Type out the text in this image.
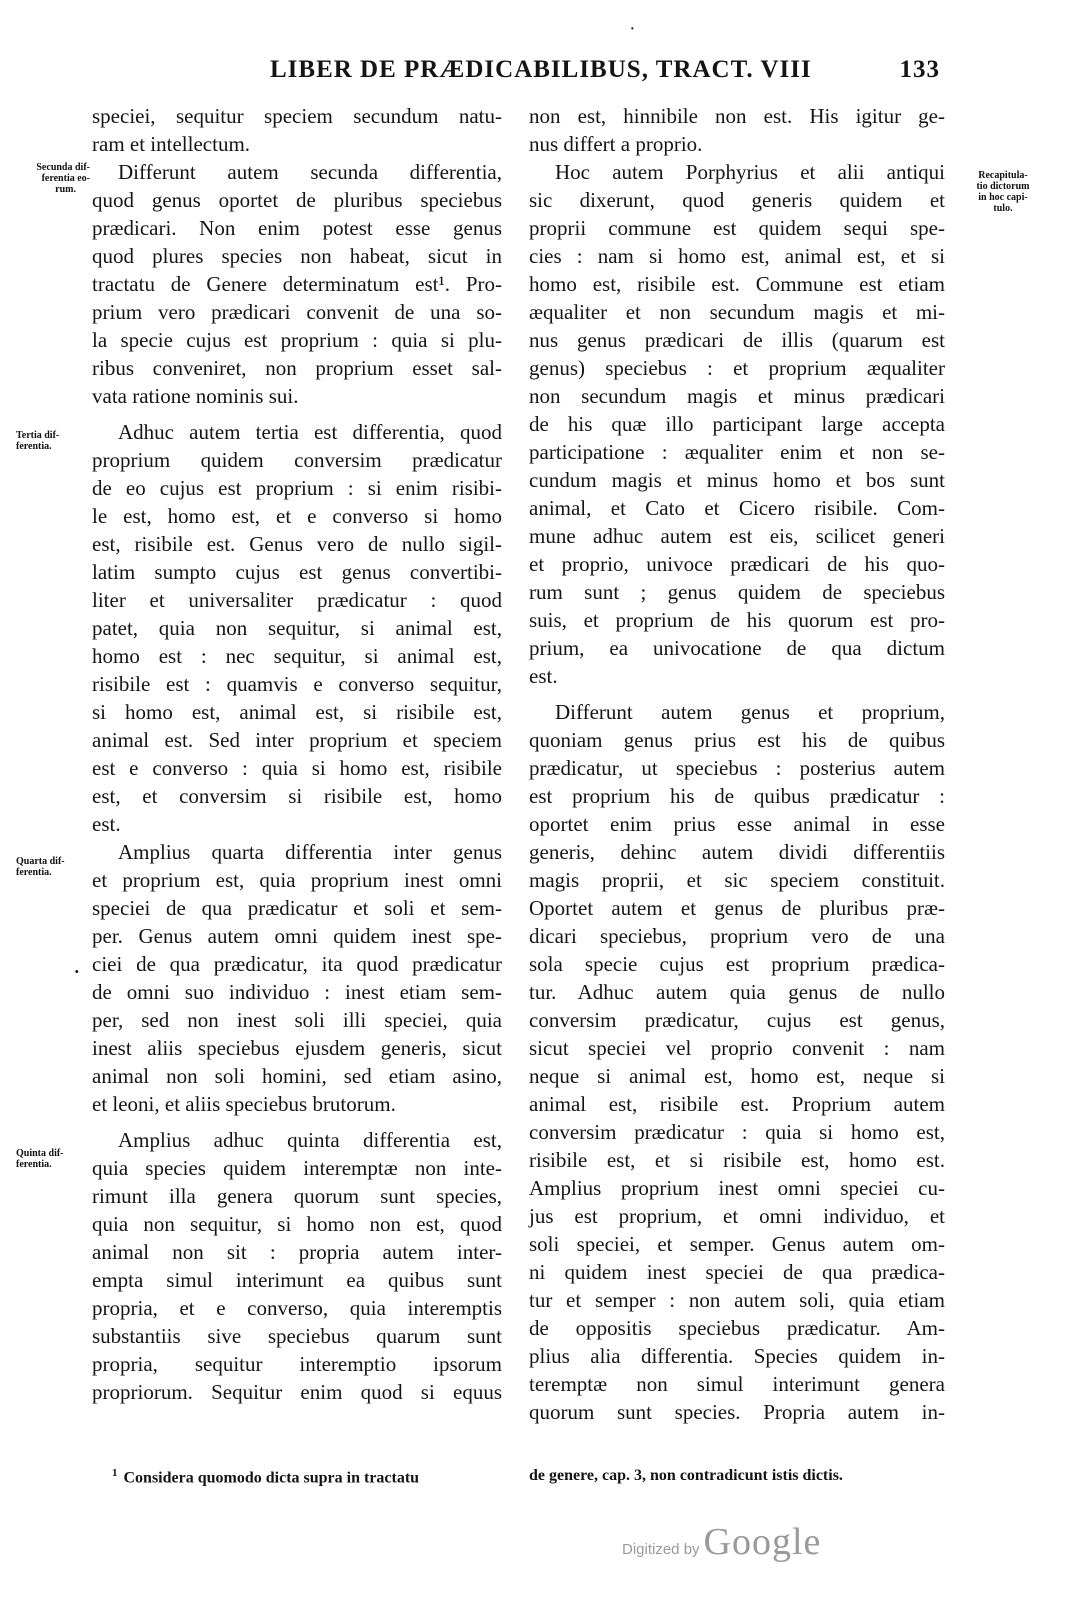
·
LIBER DE PRÆDICABILIBUS, TRACT. VIII	133
Secunda dif-
ferentia eo-
rum.
Tertia dif-
ferentia.
Quarta dif-
ferentia.
Quinta dif-
ferentia.
Recapitula-
tio dictorum
in hoc capi-
tulo.
·
speciei, sequitur speciem secundum natu-
ram et intellectum.
Differunt autem secunda differentia,
quod genus oportet de pluribus speciebus
prædicari. Non enim potest esse genus
quod plures species non habeat, sicut in
tractatu de Genere determinatum est¹. Pro-
prium vero prædicari convenit de una so-
la specie cujus est proprium : quia si plu-
ribus conveniret, non proprium esset sal-
vata ratione nominis sui.
Adhuc autem tertia est differentia, quod
proprium quidem conversim prædicatur
de eo cujus est proprium : si enim risibi-
le est, homo est, et e converso si homo
est, risibile est. Genus vero de nullo sigil-
latim sumpto cujus est genus convertibi-
liter et universaliter prædicatur : quod
patet, quia non sequitur, si animal est,
homo est : nec sequitur, si animal est,
risibile est : quamvis e converso sequitur,
si homo est, animal est, si risibile est,
animal est. Sed inter proprium et speciem
est e converso : quia si homo est, risibile
est, et conversim si risibile est, homo
est.
Amplius quarta differentia inter genus
et proprium est, quia proprium inest omni
speciei de qua prædicatur et soli et sem-
per. Genus autem omni quidem inest spe-
ciei de qua prædicatur, ita quod prædicatur
de omni suo individuo : inest etiam sem-
per, sed non inest soli illi speciei, quia
inest aliis speciebus ejusdem generis, sicut
animal non soli homini, sed etiam asino,
et leoni, et aliis speciebus brutorum.
Amplius adhuc quinta differentia est,
quia species quidem interemptæ non inte-
rimunt illa genera quorum sunt species,
quia non sequitur, si homo non est, quod
animal non sit : propria autem inter-
empta simul interimunt ea quibus sunt
propria, et e converso, quia interemptis
substantiis sive speciebus quarum sunt
propria, sequitur interemptio ipsorum
propriorum. Sequitur enim quod si equus
non est, hinnibile non est. His igitur ge-
nus differt a proprio.
Hoc autem Porphyrius et alii antiqui
sic dixerunt, quod generis quidem et
proprii commune est quidem sequi spe-
cies : nam si homo est, animal est, et si
homo est, risibile est. Commune est etiam
æqualiter et non secundum magis et mi-
nus genus prædicari de illis (quarum est
genus) speciebus : et proprium æqualiter
non secundum magis et minus prædicari
de his quæ illo participant large accepta
participatione : æqualiter enim et non se-
cundum magis et minus homo et bos sunt
animal, et Cato et Cicero risibile. Com-
mune adhuc autem est eis, scilicet generi
et proprio, univoce prædicari de his quo-
rum sunt ; genus quidem de speciebus
suis, et proprium de his quorum est pro-
prium, ea univocatione de qua dictum
est.
Differunt autem genus et proprium,
quoniam genus prius est his de quibus
prædicatur, ut speciebus : posterius autem
est proprium his de quibus prædicatur :
oportet enim prius esse animal in esse
generis, dehinc autem dividi differentiis
magis proprii, et sic speciem constituit.
Oportet autem et genus de pluribus præ-
dicari speciebus, proprium vero de una
sola specie cujus est proprium prædica-
tur. Adhuc autem quia genus de nullo
conversim prædicatur, cujus est genus,
sicut speciei vel proprio convenit : nam
neque si animal est, homo est, neque si
animal est, risibile est. Proprium autem
conversim prædicatur : quia si homo est,
risibile est, et si risibile est, homo est.
Amplius proprium inest omni speciei cu-
jus est proprium, et omni individuo, et
soli speciei, et semper. Genus autem om-
ni quidem inest speciei de qua prædica-
tur et semper : non autem soli, quia etiam
de oppositis speciebus prædicatur. Am-
plius alia differentia. Species quidem in-
teremptæ non simul interimunt genera
quorum sunt species. Propria autem in-
$^1$ Considera quomodo dicta supra in tractatu	de genere, cap. 3, non contradicunt istis dictis.
Digitized by Google
